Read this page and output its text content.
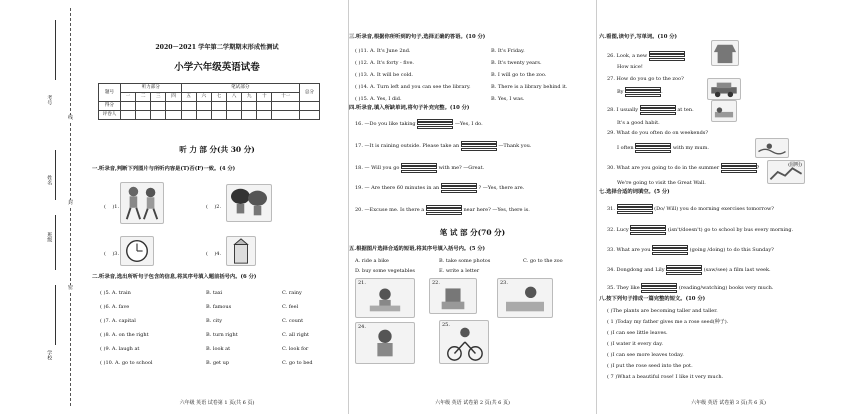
考号
姓名
班级
学校
线
封
密
2020－2021 学年第二学期期末形成性测试
小学六年级英语试卷
题号	听力部分				笔试部分							总分
	一	二	三	四	五	六	七	八	九	十	十一	
得分												
评卷人												
听 力 部 分(共 30 分)
一.听录音,判断下列图片与所听内容是(T)否(F)一致。(4 分)
( )1.	( )2.
( )3.	( )4.
二.听录音,选出所听句子包含的信息,将其序号填入题前括号内。(6 分)
( )5. A. train	B. taxi	C. rainy
( )6. A. fave	B. famous	C. feel
( )7. A. capital	B. city	C. count
( )8. A. on the right	B. turn right	C. all right
( )9. A. laugh at	B. look at	C. look for
( )10. A. go to school	B. get up	C. go to bed
六年级 英语 试卷第 1 页(共 6 页)
三.听录音,根据你所听到的句子,选择正确的答语。(10 分)
( )11. A. It's June 2nd.	B. It's Friday.
( )12. A. It's forty - five.	B. It's twenty years.
( )13. A. It will be cold.	B. I will go to the zoo.
( )14. A. Turn left and you can see the library.	B. There is a library behind it.
( )15. A. Yes, I did.	B. Yes, I was.
四.听录音,填入所缺单词,将句子补充完整。(10 分)
16. —Do you like taking	—Yes, I do.
17. —It is raining outside. Please take an	—Thank you.
18. — Will you go	with me? —Great.
19. — Are there 60 minutes in an	? —Yes, there are.
20. —Excuse me. Is there a	near here? —Yes, there is.
笔 试 部 分(70 分)
五.根据图片选择合适的短语,将其序号填入括号内。(5 分)
A. ride a bike	B. take some photos	C. go to the zoo
D. buy some vegetables	E. write a letter
21.	22.	23.
24.	25.
六年级 英语 试卷第 2 页(共 6 页)
六.看图,读句子,写单词。(10 分)
26. Look, a new
How nice!
27. How do you go to the zoo?
By	.
28. I usually	at ten.
It's a good habit.
29. What do you often do on weekends?
I often	with my mum.
30. What are you going to do in the summer	?
We're going to visit the Great Wall.
(圆明)
七.选择合适的词填空。(5 分)
31.	(Do/ Will) you do morning exercises tomorrow?
32. Lucy	(isn't/doesn't) go to school by bus every morning.
33. What are you	(going /doing) to do this Sunday?
34. Dongdong and Lily	(saw/see) a film last week.
35. They like	(reading/watching) books very much.
八.按下列句子排成一篇完整的短文。(10 分)
( )The plants are becoming taller and taller.
( 1 )Today my father gives me a rose seed(种子).
( )I can see little leaves.
( )I water it every day.
( )I can see more leaves today.
( )I put the rose seed into the pot.
( 7 )What a beautiful rose! I like it very much.
六年级 英语 试卷第 3 页(共 6 页)
